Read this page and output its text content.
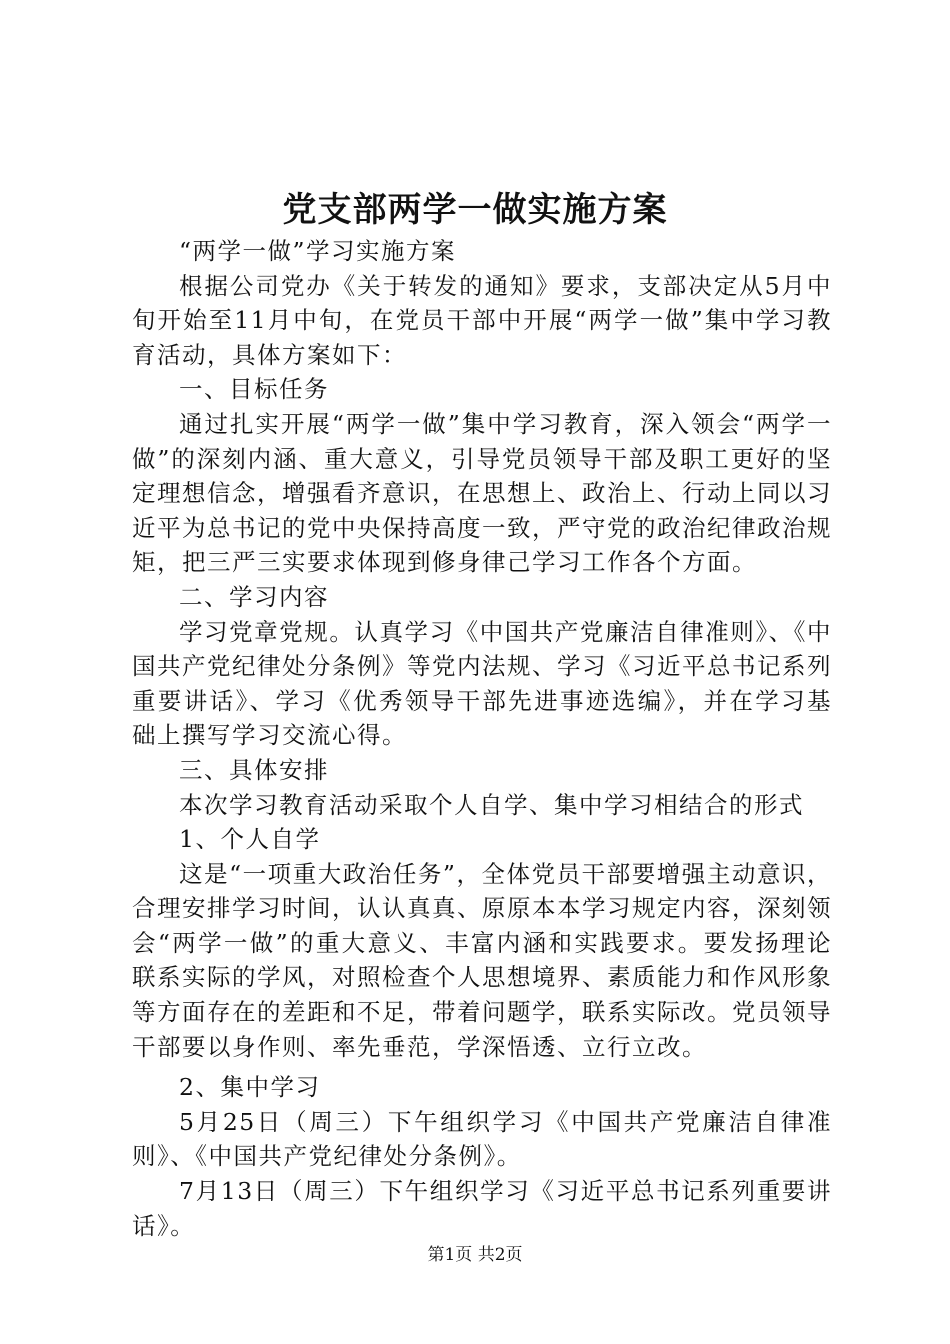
党支部两学一做实施方案

“两学一做”学习实施方案

根据公司党办《关于转发的通知》要求，支部决定从5月中旬开始至11月中旬，在党员干部中开展“两学一做”集中学习教育活动，具体方案如下：

一、目标任务

通过扎实开展“两学一做”集中学习教育，深入领会“两学一做”的深刻内涵、重大意义，引导党员领导干部及职工更好的坚定理想信念，增强看齐意识，在思想上、政治上、行动上同以习近平为总书记的党中央保持高度一致，严守党的政治纪律政治规矩，把三严三实要求体现到修身律己学习工作各个方面。

二、学习内容

学习党章党规。认真学习《中国共产党廉洁自律准则》、《中国共产党纪律处分条例》等党内法规、学习《习近平总书记系列重要讲话》、学习《优秀领导干部先进事迹选编》，并在学习基础上撰写学习交流心得。

三、具体安排

本次学习教育活动采取个人自学、集中学习相结合的形式

1、个人自学

这是“一项重大政治任务”，全体党员干部要增强主动意识，合理安排学习时间，认认真真、原原本本学习规定内容，深刻领会“两学一做”的重大意义、丰富内涵和实践要求。要发扬理论联系实际的学风，对照检查个人思想境界、素质能力和作风形象等方面存在的差距和不足，带着问题学，联系实际改。党员领导干部要以身作则、率先垂范，学深悟透、立行立改。

2、集中学习

5月25日（周三）下午组织学习《中国共产党廉洁自律准则》、《中国共产党纪律处分条例》。

7月13日（周三）下午组织学习《习近平总书记系列重要讲话》。

第1页 共2页
